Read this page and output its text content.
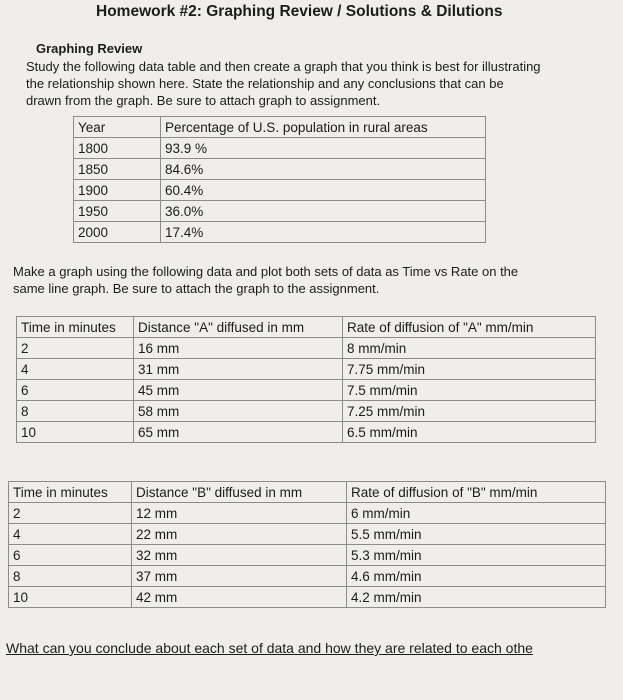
Homework #2: Graphing Review / Solutions & Dilutions
Graphing Review
Study the following data table and then create a graph that you think is best for illustrating
the relationship shown here. State the relationship and any conclusions that can be
drawn from the graph. Be sure to attach graph to assignment.
Year	Percentage of U.S. population in rural areas
1800	93.9 %
1850	84.6%
1900	60.4%
1950	36.0%
2000	17.4%
Make a graph using the following data and plot both sets of data as Time vs Rate on the
same line graph. Be sure to attach the graph to the assignment.
Time in minutes	Distance "A" diffused in mm	Rate of diffusion of "A" mm/min
2	16 mm	8 mm/min
4	31 mm	7.75 mm/min
6	45 mm	7.5 mm/min
8	58 mm	7.25 mm/min
10	65 mm	6.5 mm/min
Time in minutes	Distance "B" diffused in mm	Rate of diffusion of "B" mm/min
2	12 mm	6 mm/min
4	22 mm	5.5 mm/min
6	32 mm	5.3 mm/min
8	37 mm	4.6 mm/min
10	42 mm	4.2 mm/min
What can you conclude about each set of data and how they are related to each othe
